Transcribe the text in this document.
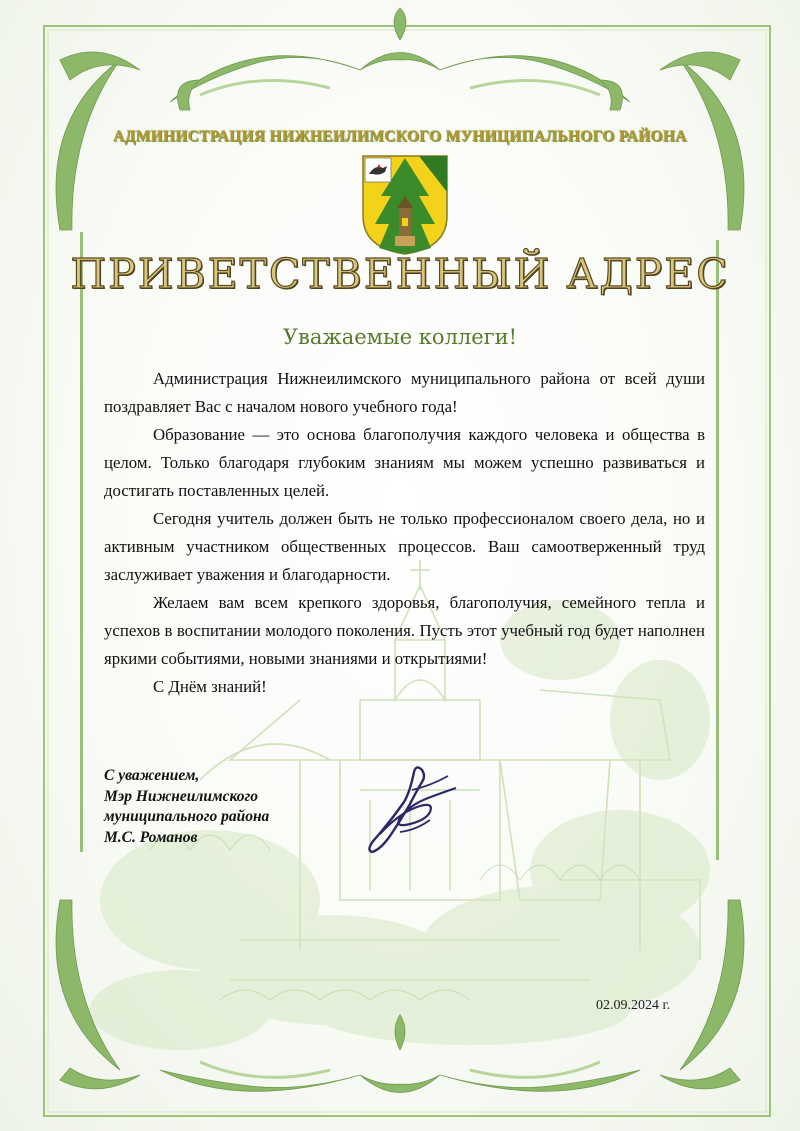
АДМИНИСТРАЦИЯ НИЖНЕИЛИМСКОГО МУНИЦИПАЛЬНОГО РАЙОНА
ПРИВЕТСТВЕННЫЙ АДРЕС
Уважаемые коллеги!

Администрация Нижнеилимского муниципального района от всей души поздравляет Вас с началом нового учебного года!

Образование — это основа благополучия каждого человека и общества в целом. Только благодаря глубоким знаниям мы можем успешно развиваться и достигать поставленных целей.

Сегодня учитель должен быть не только профессионалом своего дела, но и активным участником общественных процессов. Ваш самоотверженный труд заслуживает уважения и благодарности.

Желаем вам всем крепкого здоровья, благополучия, семейного тепла и успехов в воспитании молодого поколения. Пусть этот учебный год будет наполнен яркими событиями, новыми знаниями и открытиями!

С Днём знаний!

С уважением,
Мэр Нижнеилимского
муниципального района
М.С. Романов
02.09.2024 г.
